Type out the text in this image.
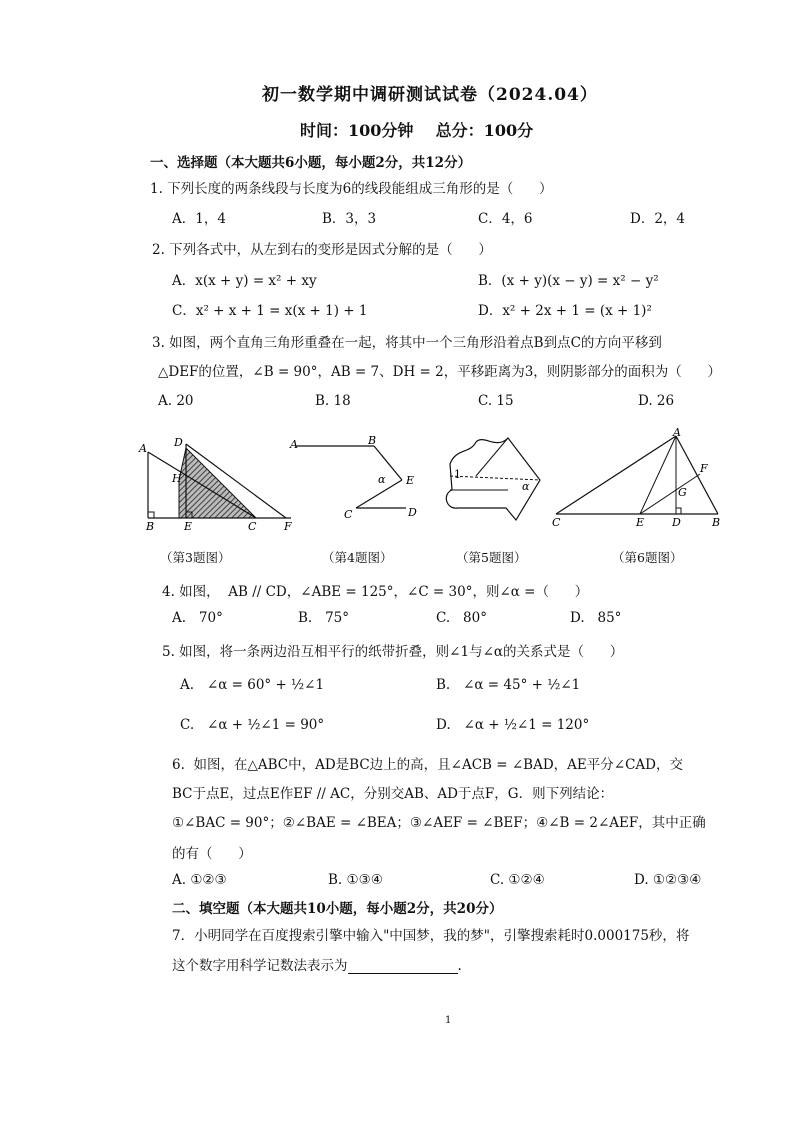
初一数学期中调研测试试卷（2024.04）
时间：100分钟    总分：100分
一、选择题（本大题共6小题，每小题2分，共12分）
1. 下列长度的两条线段与长度为6的线段能组成三角形的是（      ）
A．1，4	B．3，3	C．4，6	D．2，4
2. 下列各式中，从左到右的变形是因式分解的是（      ）
A．x(x + y) = x² + xy	B．(x + y)(x − y) = x² − y²
C．x² + x + 1 = x(x + 1) + 1	D．x² + 2x + 1 = (x + 1)²
3. 如图，两个直角三角形重叠在一起，将其中一个三角形沿着点B到点C的方向平移到
△DEF的位置，∠B = 90°，AB = 7、DH = 2，平移距离为3，则阴影部分的面积为（      ）
A. 20	B. 18	C. 15	D. 26
A D
H
B	E	C	F
A	B
E
α
C	D
1
α
A
F
G
C	E	D	B
（第3题图）	（第4题图）	（第5题图）	（第6题图）
4. 如图，  AB // CD，∠ABE = 125°，∠C = 30°，则∠α =（      ）
A.   70°	B.   75°	C.   80°	D.   85°
5. 如图，将一条两边沿互相平行的纸带折叠，则∠1与∠α的关系式是（      ）
A.   ∠α = 60° + ½∠1	B.   ∠α = 45° + ½∠1
C.   ∠α + ½∠1 = 90°	D.   ∠α + ½∠1 = 120°
6.  如图，在△ABC中，AD是BC边上的高，且∠ACB = ∠BAD，AE平分∠CAD，交
BC于点E，过点E作EF // AC，分别交AB、AD于点F，G．则下列结论：
①∠BAC = 90°；②∠BAE = ∠BEA；③∠AEF = ∠BEF；④∠B = 2∠AEF，其中正确
的有（      ）
A. ①②③	B. ①③④	C. ①②④	D. ①②③④
二、填空题（本大题共10小题，每小题2分，共20分）
7．小明同学在百度搜索引擎中输入"中国梦，我的梦"，引擎搜索耗时0.000175秒，将
这个数字用科学记数法表示为	.
1
